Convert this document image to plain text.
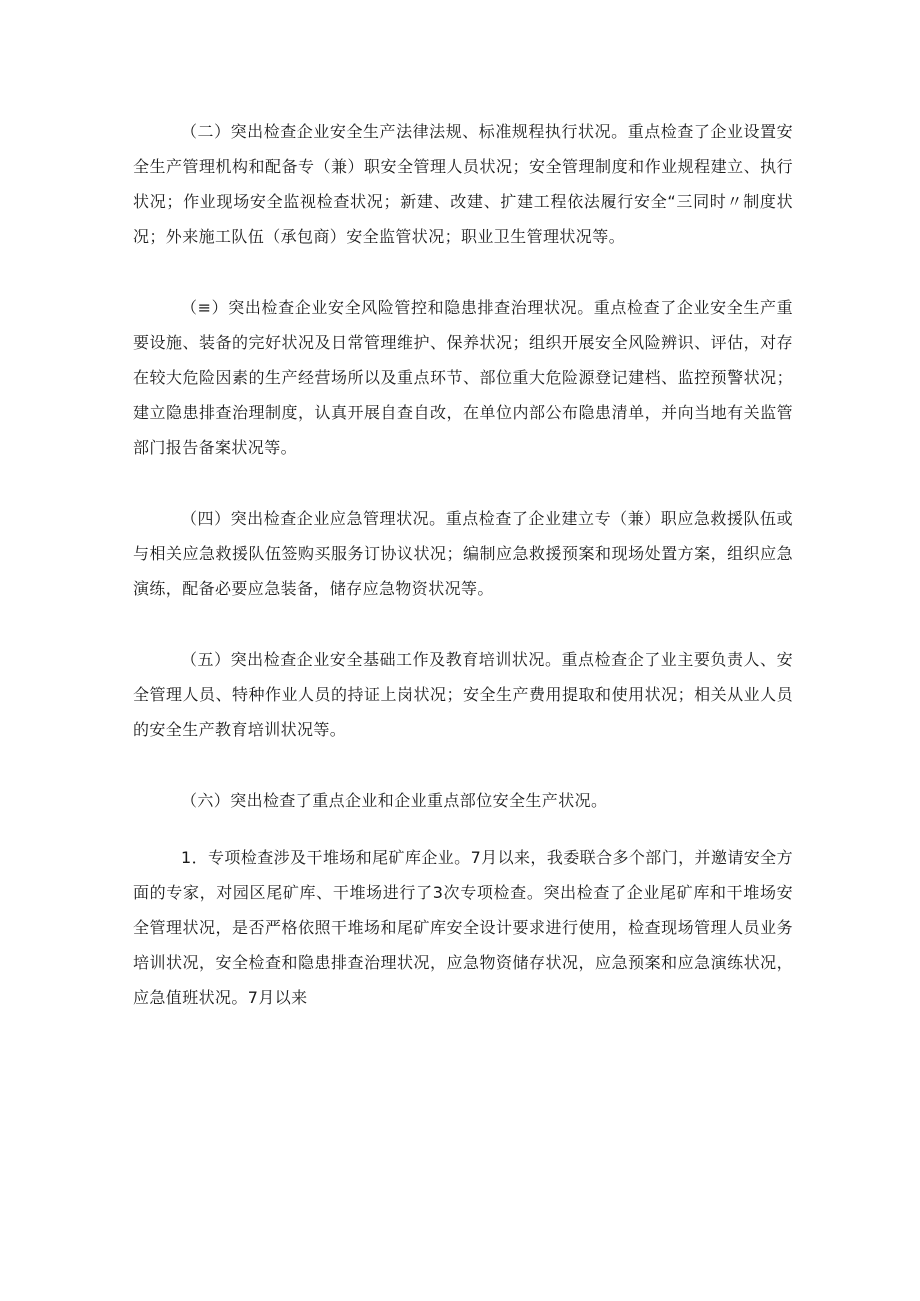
（二）突出检查企业安全生产法律法规、标准规程执行状况。重点检查了企业设置安全生产管理机构和配备专（兼）职安全管理人员状况；安全管理制度和作业规程建立、执行状况；作业现场安全监视检查状况；新建、改建、扩建工程依法履行安全“三同时〃制度状况；外来施工队伍（承包商）安全监管状况；职业卫生管理状况等。

（≡）突出检查企业安全风险管控和隐患排查治理状况。重点检查了企业安全生产重要设施、装备的完好状况及日常管理维护、保养状况；组织开展安全风险辨识、评估，对存在较大危险因素的生产经营场所以及重点环节、部位重大危险源登记建档、监控预警状况；建立隐患排查治理制度，认真开展自查自改，在单位内部公布隐患清单，并向当地有关监管部门报告备案状况等。

（四）突出检查企业应急管理状况。重点检查了企业建立专（兼）职应急救援队伍或与相关应急救援队伍签购买服务订协议状况；编制应急救援预案和现场处置方案，组织应急演练，配备必要应急装备，储存应急物资状况等。

（五）突出检查企业安全基础工作及教育培训状况。重点检查企了业主要负责人、安全管理人员、特种作业人员的持证上岗状况；安全生产费用提取和使用状况；相关从业人员的安全生产教育培训状况等。

（六）突出检查了重点企业和企业重点部位安全生产状况。

1．专项检查涉及干堆场和尾矿库企业。7月以来，我委联合多个部门，并邀请安全方面的专家，对园区尾矿库、干堆场进行了3次专项检查。突出检查了企业尾矿库和干堆场安全管理状况，是否严格依照干堆场和尾矿库安全设计要求进行使用，检查现场管理人员业务培训状况，安全检查和隐患排查治理状况，应急物资储存状况，应急预案和应急演练状况，应急值班状况。7月以来
